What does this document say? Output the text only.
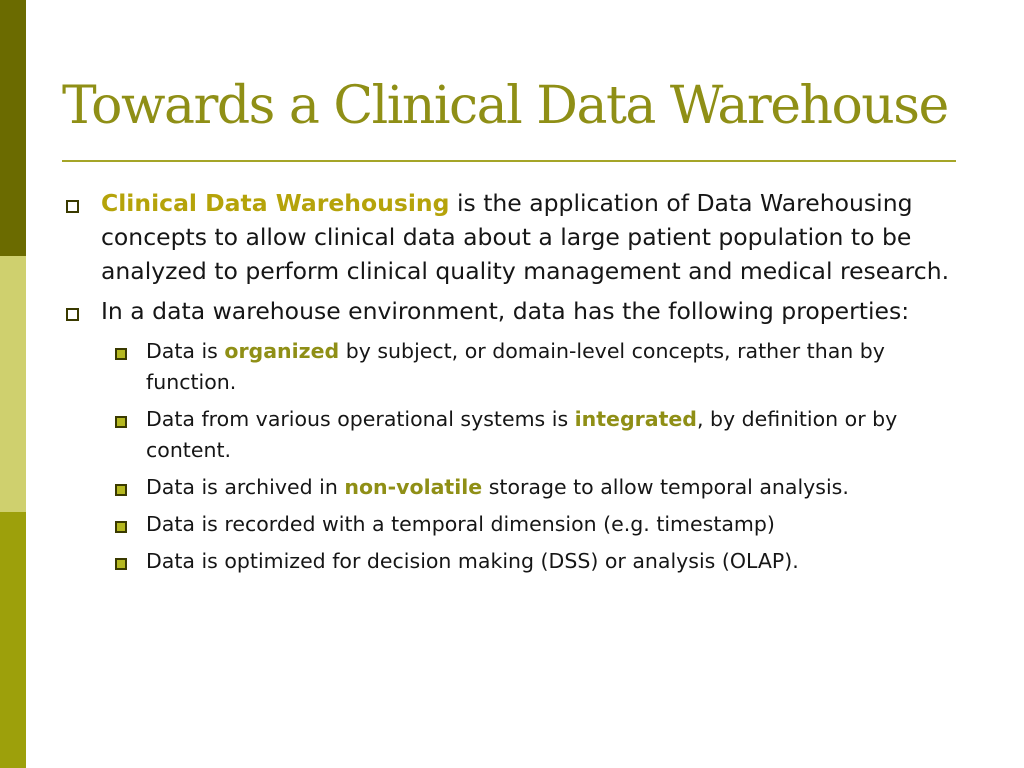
Towards a Clinical Data Warehouse
Clinical Data Warehousing is the application of Data Warehousing concepts to allow clinical data about a large patient population to be analyzed to perform clinical quality management and medical research.
In a data warehouse environment, data has the following properties:
Data is organized by subject, or domain-level concepts, rather than by function.
Data from various operational systems is integrated, by definition or by content.
Data is archived in non-volatile storage to allow temporal analysis.
Data is recorded with a temporal dimension (e.g. timestamp)
Data is optimized for decision making (DSS) or analysis (OLAP).
